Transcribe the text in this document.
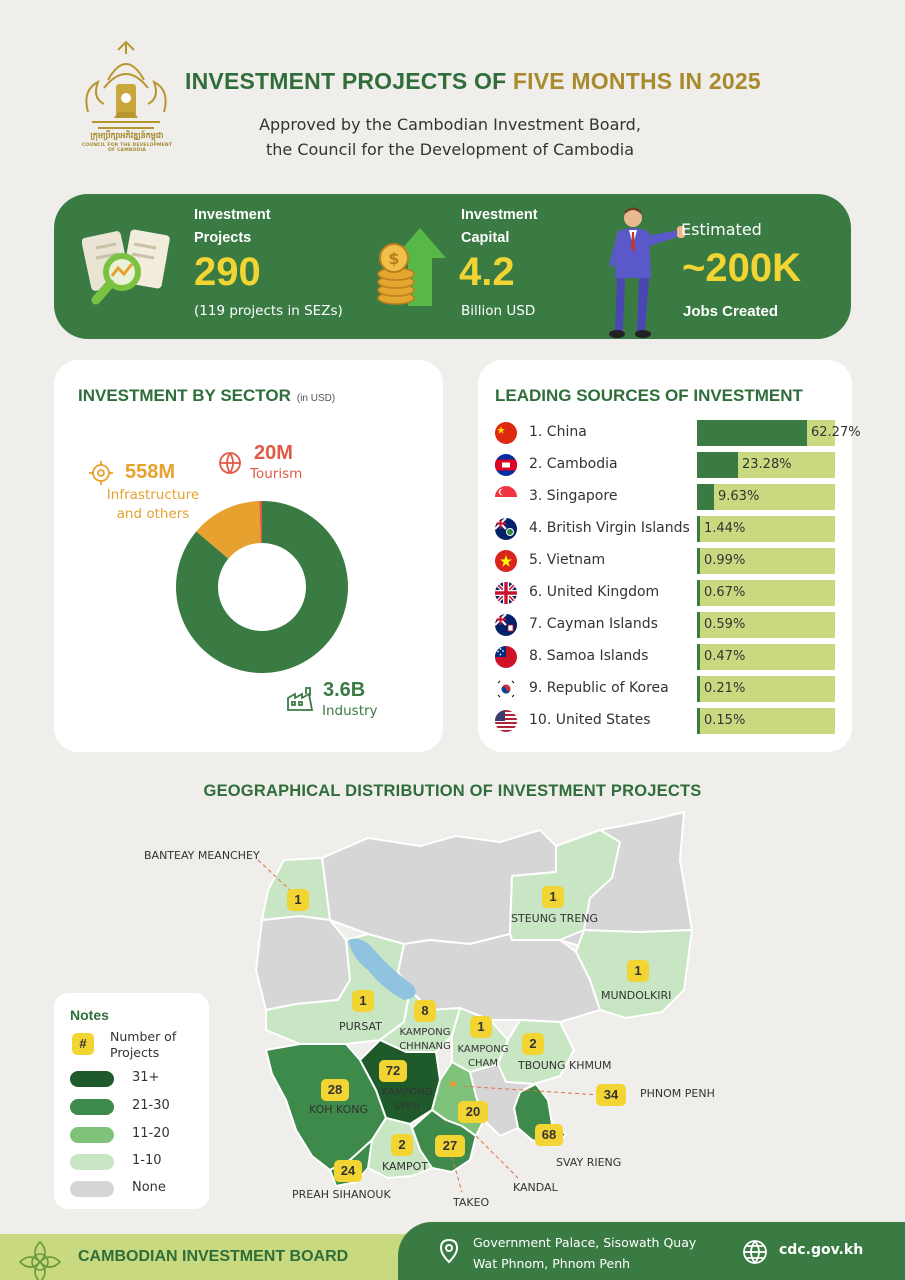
ក្រុមប្រឹក្សាអភិវឌ្ឍន៍កម្ពុជា
COUNCIL FOR THE DEVELOPMENT OF CAMBODIA
INVESTMENT PROJECTS OF FIVE MONTHS IN 2025
Approved by the Cambodian Investment Board,
the Council for the Development of Cambodia
Investment
Projects
290
(119 projects in SEZs)
$
Investment
Capital
4.2
Billion USD
Estimated
~200K
Jobs Created
INVESTMENT BY SECTOR (in USD)
20M
Tourism
558M
Infrastructure
and others
3.6B
Industry
LEADING SOURCES OF INVESTMENT
1. China	62.27%
2. Cambodia	23.28%
3. Singapore	9.63%
4. British Virgin Islands 1.44%
5. Vietnam	0.99%
6. United Kingdom	0.67%
7. Cayman Islands	0.59%
8. Samoa Islands	0.47%
9. Republic of Korea	0.21%
10. United States	0.15%
GEOGRAPHICAL DISTRIBUTION OF INVESTMENT PROJECTS
BANTEAY MEANCHEY
1
STEUNG TRENG
1
MUNDOLKIRI
1
PURSAT
1
KAMPONG CHHNANG
8
KAMPONG CHAM
1
TBOUNG KHMUM
2
PHNOM PENH
34
KOH KONG
28	KAMPONG SPEU
72
KANDAL
20
SVAY RIENG
68
KAMPOT
2
TAKEO
27
PREAH SIHANOUK
24
Notes
#	Number of
Projects
31+
21-30
11-20
1-10
None
CAMBODIAN INVESTMENT BOARD
Government Palace, Sisowath Quay
Wat Phnom, Phnom Penh
cdc.gov.kh
